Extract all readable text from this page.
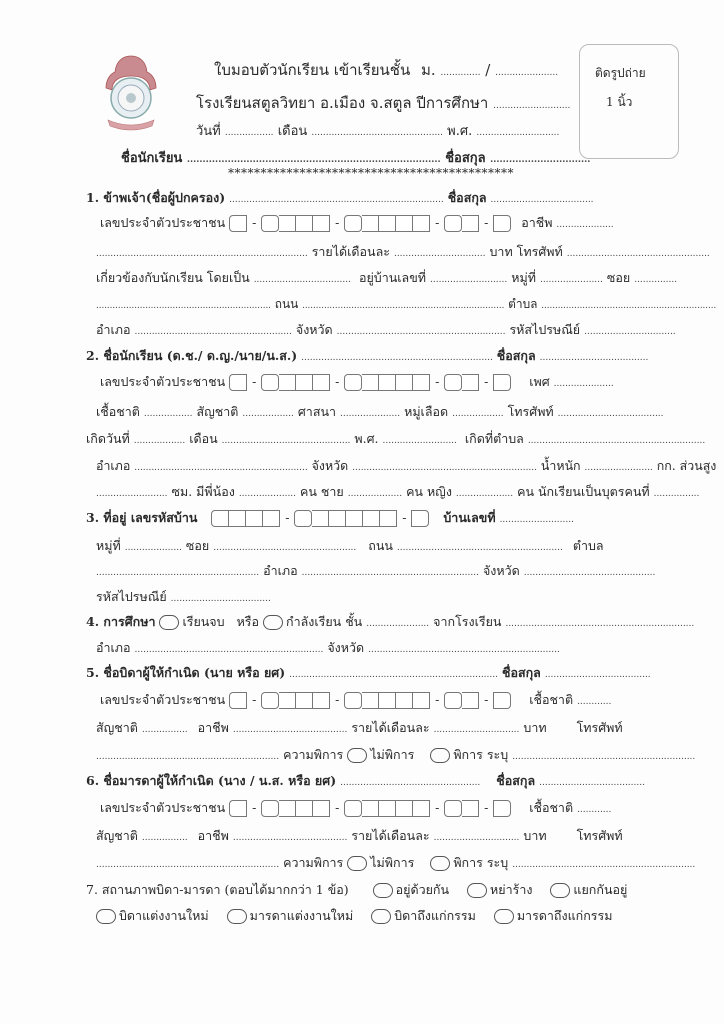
ติดรูปถ่าย
1 นิ้ว
ใบมอบตัวนักเรียน เข้าเรียนชั้น ม. .............. / ......................
โรงเรียนสตูลวิทยา อ.เมือง จ.สตูล ปีการศึกษา ...........................
วันที่ ................. เดือน .............................................. พ.ศ. .............................
ชื่อนักเรียน ................................................................................. ชื่อสกุล ................................
********************************************
1. ข้าพเจ้า(ชื่อผู้ปกครอง) ........................................................................... ชื่อสกุล ....................................
เลขประจำตัวประชาชน -	-	-	-	อาชีพ ....................
.......................................................................... รายได้เดือนละ ................................ บาท โทรศัพท์ ..................................................
เกี่ยวข้องกับนักเรียน โดยเป็น .................................. อยู่บ้านเลขที่ ........................... หมู่ที่ ...................... ซอย ...............
................................................................ ถนน .......................................................................... ตำบล ................................................................
อำเภอ ....................................................... จังหวัด ........................................................... รหัสไปรษณีย์ ................................
2. ชื่อนักเรียน (ด.ช./ ด.ญ./นาย/น.ส.) ................................................................... ชื่อสกุล ......................................
เลขประจำตัวประชาชน -	-	-	-	เพศ .....................
เชื้อชาติ ................. สัญชาติ .................. ศาสนา ..................... หมู่เลือด .................. โทรศัพท์ .....................................
เกิดวันที่ .................. เดือน ............................................. พ.ศ. .......................... เกิดที่ตำบล ..............................................................
อำเภอ ............................................................. จังหวัด ................................................................. น้ำหนัก ........................ กก. ส่วนสูง
......................... ซม. มีพี่น้อง .................... คน ชาย ................... คน หญิง .................... คน นักเรียนเป็นบุตรคนที่ ................
3. ที่อยู่ เลขรหัสบ้าน	-	-	บ้านเลขที่ ..........................
หมู่ที่ .................... ซอย .................................................. ถนน .......................................................... ตำบล
......................................................... อำเภอ .............................................................. จังหวัด ..............................................
รหัสไปรษณีย์ ...................................
4. การศึกษา เรียนจบ หรือ กำลังเรียน ชั้น ...................... จากโรงเรียน ..................................................................
อำเภอ .................................................................. จังหวัด ...................................................................
5. ชื่อบิดาผู้ให้กำเนิด (นาย หรือ ยศ) ......................................................................... ชื่อสกุล .....................................
เลขประจำตัวประชาชน -	-	-	-	เชื้อชาติ ............
สัญชาติ ................ อาชีพ ........................................ รายได้เดือนละ .............................. บาท โทรศัพท์
................................................................ ความพิการ ไม่พิการ	พิการ ระบุ ................................................................
6. ชื่อมารดาผู้ให้กำเนิด (นาง / น.ส. หรือ ยศ) ................................................. ชื่อสกุล .....................................
เลขประจำตัวประชาชน -	-	-	-	เชื้อชาติ ............
สัญชาติ ................ อาชีพ ........................................ รายได้เดือนละ .............................. บาท โทรศัพท์
................................................................ ความพิการ ไม่พิการ	พิการ ระบุ ................................................................
7. สถานภาพบิดา-มารดา (ตอบได้มากกว่า 1 ข้อ)	อยู่ด้วยกัน	หย่าร้าง	แยกกันอยู่
บิดาแต่งงานใหม่	มารดาแต่งงานใหม่	บิดาถึงแก่กรรม	มารดาถึงแก่กรรม
